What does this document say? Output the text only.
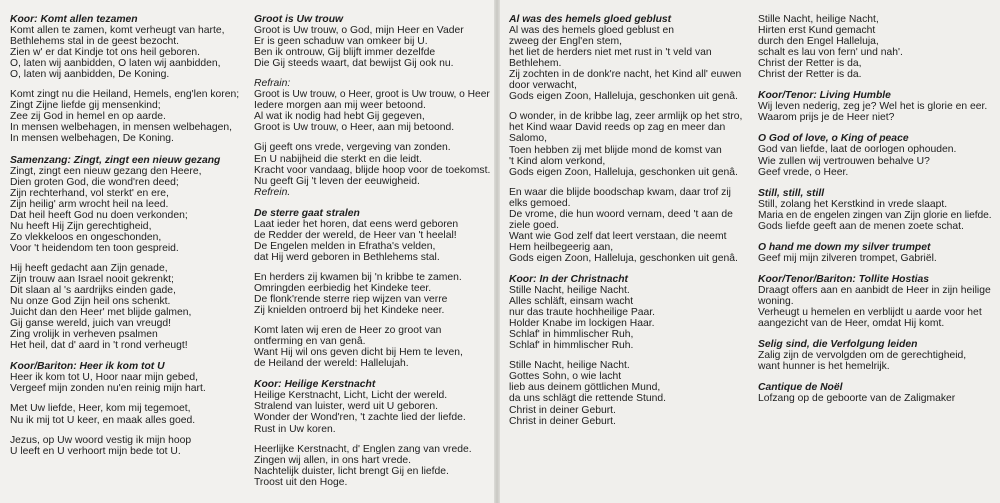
Koor: Komt allen tezamen
Komt allen te zamen, komt verheugt van harte,
Bethlehems stal in de geest bezocht.
Zien w' er dat Kindje tot ons heil geboren.
O, laten wij aanbidden, O laten wij aanbidden,
O, laten wij aanbidden, De Koning.
Komt zingt nu die Heiland, Hemels, eng'len koren;
Zingt Zijne liefde gij mensenkind;
Zee zij God in hemel en op aarde.
In mensen welbehagen, in mensen welbehagen,
In mensen welbehagen, De Koning.
Samenzang: Zingt, zingt een nieuw gezang
Zingt, zingt een nieuw gezang den Heere,
Dien groten God, die wond'ren deed;
Zijn rechterhand, vol sterkt' en ere,
Zijn heilig' arm wrocht heil na leed.
Dat heil heeft God nu doen verkonden;
Nu heeft Hij Zijn gerechtigheid,
Zo vlekkeloos en ongeschonden,
Voor 't heidendom ten toon gespreid.
Hij heeft gedacht aan Zijn genade,
Zijn trouw aan Israel nooit gekrenkt;
Dit slaan al 's aardrijks einden gade,
Nu onze God Zijn heil ons schenkt.
Juicht dan den Heer' met blijde galmen,
Gij ganse wereld, juich van vreugd!
Zing vrolijk in verheven psalmen
Het heil, dat d' aard in 't rond verheugt!
Koor/Bariton: Heer ik kom tot U
Heer ik kom tot U, Hoor naar mijn gebed,
Vergeef mijn zonden nu'en reinig mijn hart.
Met Uw liefde, Heer, kom mij tegemoet,
Nu ik mij tot U keer, en maak alles goed.
Jezus, op Uw woord vestig ik mijn hoop
U leeft en U verhoort mijn bede tot U.
Groot is Uw trouw
Groot is Uw trouw, o God, mijn Heer en Vader
Er is geen schaduw van omkeer bij U.
Ben ik ontrouw, Gij blijft immer dezelfde
Die Gij steeds waart, dat bewijst Gij ook nu.
Refrain:
Groot is Uw trouw, o Heer, groot is Uw trouw, o Heer
Iedere morgen aan mij weer betoond.
Al wat ik nodig had hebt Gij gegeven,
Groot is Uw trouw, o Heer, aan mij betoond.
Gij geeft ons vrede, vergeving van zonden.
En U nabijheid die sterkt en die leidt.
Kracht voor vandaag, blijde hoop voor de toekomst.
Nu geeft Gij 't leven der eeuwigheid.
Refrein.
De sterre gaat stralen
Laat ieder het horen, dat eens werd geboren
de Redder der wereld, de Heer van 't heelal!
De Engelen melden in Efratha's velden,
dat Hij werd geboren in Bethlehems stal.
En herders zij kwamen bij 'n kribbe te zamen.
Omringden eerbiedig het Kindeke teer.
De flonk'rende sterre riep wijzen van verre
Zij knielden ontroerd bij het Kindeke neer.
Komt laten wij eren de Heer zo groot van
ontferming en van genâ.
Want Hij wil ons geven dicht bij Hem te leven,
de Heiland der wereld: Hallelujah.
Koor: Heilige Kerstnacht
Heilige Kerstnacht, Licht, Licht der wereld.
Stralend van luister, werd uit U geboren.
Wonder der Wond'ren, 't zachte lied der liefde.
Rust in Uw koren.
Heerlijke Kerstnacht, d' Englen zang van vrede.
Zingen wij allen, in ons hart vrede.
Nachtelijk duister, licht brengt Gij en liefde.
Troost uit den Hoge.
Al was des hemels gloed geblust
Al was des hemels gloed geblust en
zweeg der Engl'en stem,
het liet de herders niet met rust in 't veld van
Bethlehem.
Zij zochten in de donk're nacht, het Kind all' euwen
door verwacht,
Gods eigen Zoon, Halleluja, geschonken uit genâ.
O wonder, in de kribbe lag, zeer armlijk op het stro,
het Kind waar David reeds op zag en meer dan
Salomo,
Toen hebben zij met blijde mond de komst van
't Kind alom verkond,
Gods eigen Zoon, Halleluja, geschonken uit genâ.
En waar die blijde boodschap kwam, daar trof zij
elks gemoed.
De vrome, die hun woord vernam, deed 't aan de
ziele goed.
Want wie God zelf dat leert verstaan, die neemt
Hem heilbegeerig aan,
Gods eigen Zoon, Halleluja, geschonken uit genâ.
Koor: In der Christnacht
Stille Nacht, heilige Nacht.
Alles schläft, einsam wacht
nur das traute hochheilige Paar.
Holder Knabe im lockigen Haar.
Schlaf' in himmlischer Ruh,
Schlaf' in himmlischer Ruh.
Stille Nacht, heilige Nacht.
Gottes Sohn, o wie lacht
lieb aus deinem göttlichen Mund,
da uns schlägt die rettende Stund.
Christ in deiner Geburt.
Christ in deiner Geburt.
Stille Nacht, heilige Nacht,
Hirten erst Kund gemacht
durch den Engel Halleluja,
schalt es lau von fern' und nah'.
Christ der Retter is da,
Christ der Retter is da.
Koor/Tenor: Living Humble
Wij leven nederig, zeg je? Wel het is glorie en eer.
Waarom prijs je de Heer niet?
O God of love, o King of peace
God van liefde, laat de oorlogen ophouden.
Wie zullen wij vertrouwen behalve U?
Geef vrede, o Heer.
Still, still, still
Still, zolang het Kerstkind in vrede slaapt.
Maria en de engelen zingen van Zijn glorie en liefde.
Gods liefde geeft aan de menen zoete schat.
O hand me down my silver trumpet
Geef mij mijn zilveren trompet, Gabriël.
Koor/Tenor/Bariton: Tollite Hostias
Draagt offers aan en aanbidt de Heer in zijn heilige
woning.
Verheugt u hemelen en verblijdt u aarde voor het
aangezicht van de Heer, omdat Hij komt.
Selig sind, die Verfolgung leiden
Zalig zijn de vervolgden om de gerechtigheid,
want hunner is het hemelrijk.
Cantique de Noël
Lofzang op de geboorte van de Zaligmaker
